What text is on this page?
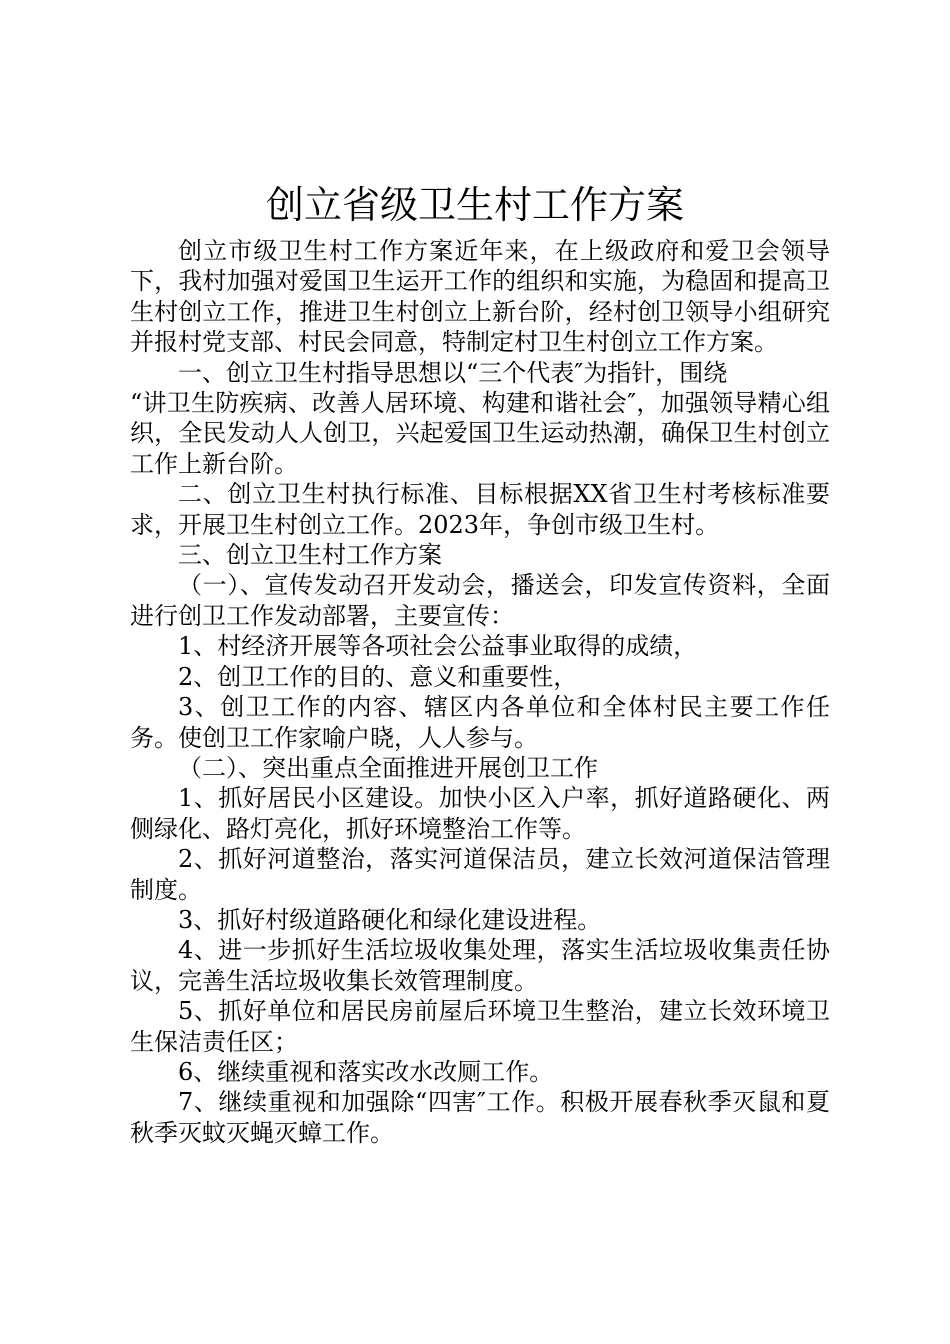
创立省级卫生村工作方案

创立市级卫生村工作方案近年来，在上级政府和爱卫会领导下，我村加强对爱国卫生运开工作的组织和实施，为稳固和提高卫生村创立工作，推进卫生村创立上新台阶，经村创卫领导小组研究并报村党支部、村民会同意，特制定村卫生村创立工作方案。

一、创立卫生村指导思想以“三个代表″为指针，围绕

“讲卫生防疾病、改善人居环境、构建和谐社会″，加强领导精心组织，全民发动人人创卫，兴起爱国卫生运动热潮，确保卫生村创立工作上新台阶。

二、创立卫生村执行标准、目标根据XX省卫生村考核标准要求，开展卫生村创立工作。2023年，争创市级卫生村。

三、创立卫生村工作方案

（一）、宣传发动召开发动会，播送会，印发宣传资料，全面进行创卫工作发动部署，主要宣传：

1、村经济开展等各项社会公益事业取得的成绩，

2、创卫工作的目的、意义和重要性，

3、创卫工作的内容、辖区内各单位和全体村民主要工作任务。使创卫工作家喻户晓，人人参与。

（二）、突出重点全面推进开展创卫工作

1、抓好居民小区建设。加快小区入户率，抓好道路硬化、两侧绿化、路灯亮化，抓好环境整治工作等。

2、抓好河道整治，落实河道保洁员，建立长效河道保洁管理制度。

3、抓好村级道路硬化和绿化建设进程。

4、进一步抓好生活垃圾收集处理，落实生活垃圾收集责任协议，完善生活垃圾收集长效管理制度。

5、抓好单位和居民房前屋后环境卫生整治，建立长效环境卫生保洁责任区；

6、继续重视和落实改水改厕工作。

7、继续重视和加强除“四害″工作。积极开展春秋季灭鼠和夏秋季灭蚊灭蝇灭蟑工作。
